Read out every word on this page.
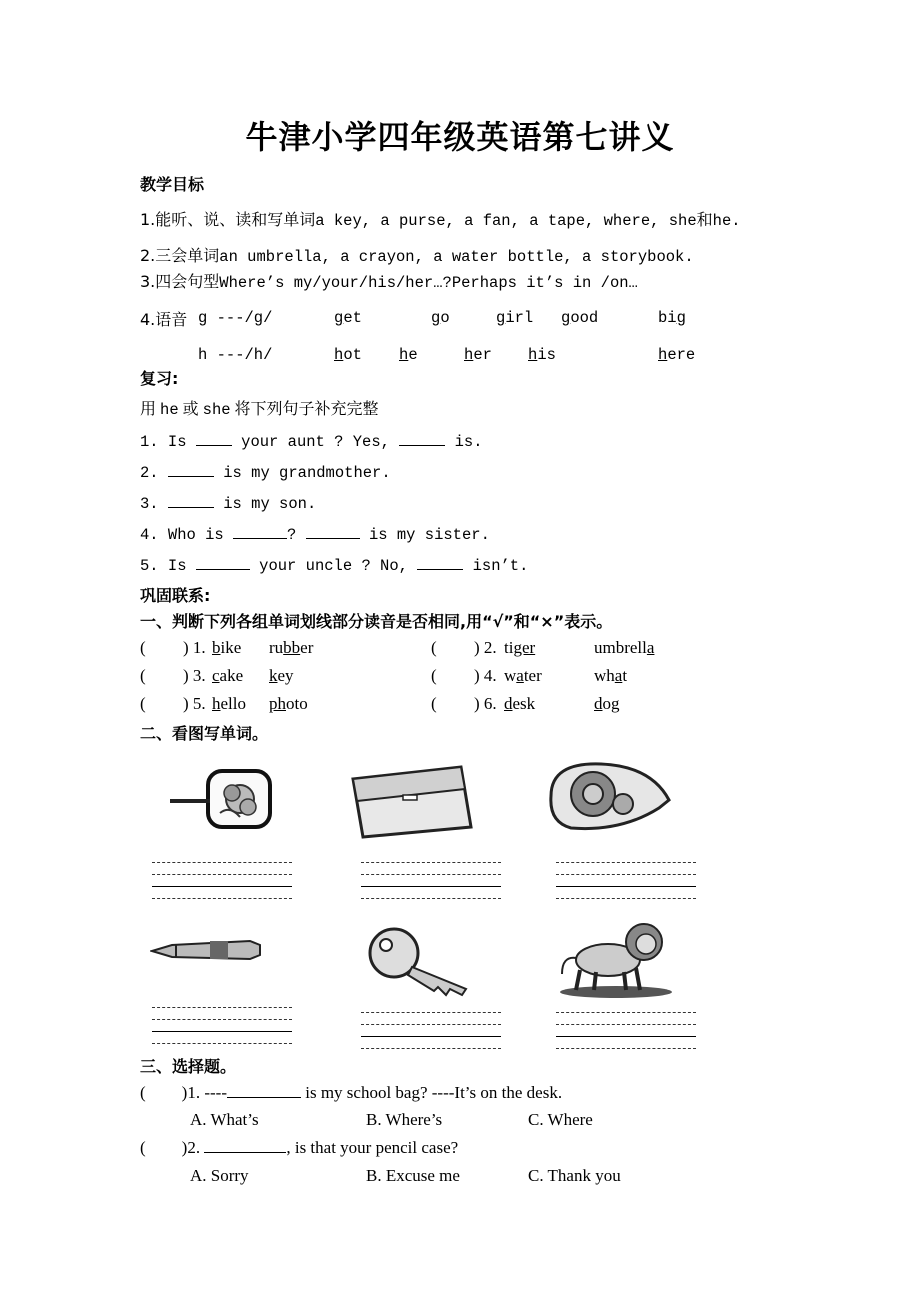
牛津小学四年级英语第七讲义
教学目标
1.能听、说、读和写单词a key, a purse, a fan, a tape, where, she和he.
2.三会单词an umbrella, a crayon, a water bottle, a storybook.
3.四会句型Where’s my/your/his/her…?Perhaps it’s in /on…
4.语音 g ---/g/	get	go	girl good	big
h ---/h/	hot he	her his	here
复习:
用 he 或 she 将下列句子补充完整
1. Is	your aunt ? Yes,	is.
2.	is my grandmother.
3.	is my son.
4. Who is	?	is my sister.
5. Is	your uncle ? No,	isn’t.
巩固联系:
一、判断下列各组单词划线部分读音是否相同,用“√”和“×”表示。
( ) 1. bike rubber	( ) 2. tiger	umbrella
( ) 3. cake key	( ) 4. water	what
( ) 5. hello photo	( ) 6. desk	dog
二、看图写单词。
三、选择题。
( )1. ----	is my school bag? ----It’s on the desk.
A. What’s	B. Where’s	C. Where
( )2.	, is that your pencil case?
A. Sorry	B. Excuse me	C. Thank you
